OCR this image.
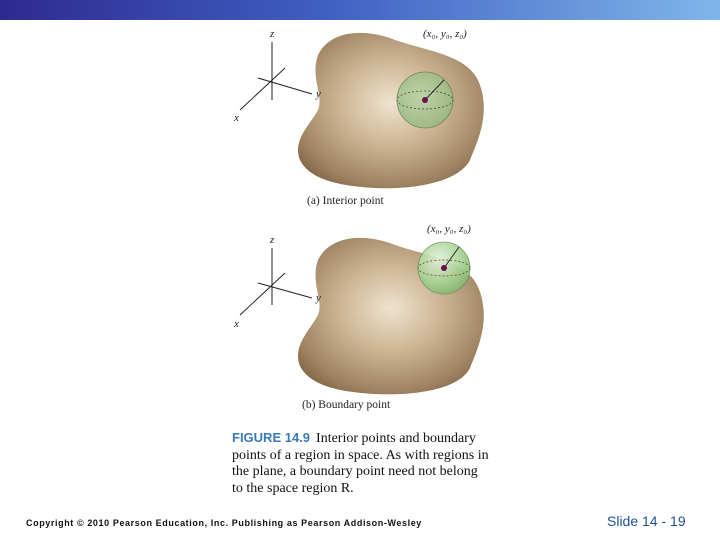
z
y
x
(x₀, y₀, z₀)
(a) Interior point
z
y
x
(x₀, y₀, z₀)
(b) Boundary point
FIGURE 14.9 Interior points and boundary points of a region in space. As with regions in the plane, a boundary point need not belong to the space region R.
Copyright © 2010 Pearson Education, Inc. Publishing as Pearson Addison-Wesley	Slide 14 - 19
